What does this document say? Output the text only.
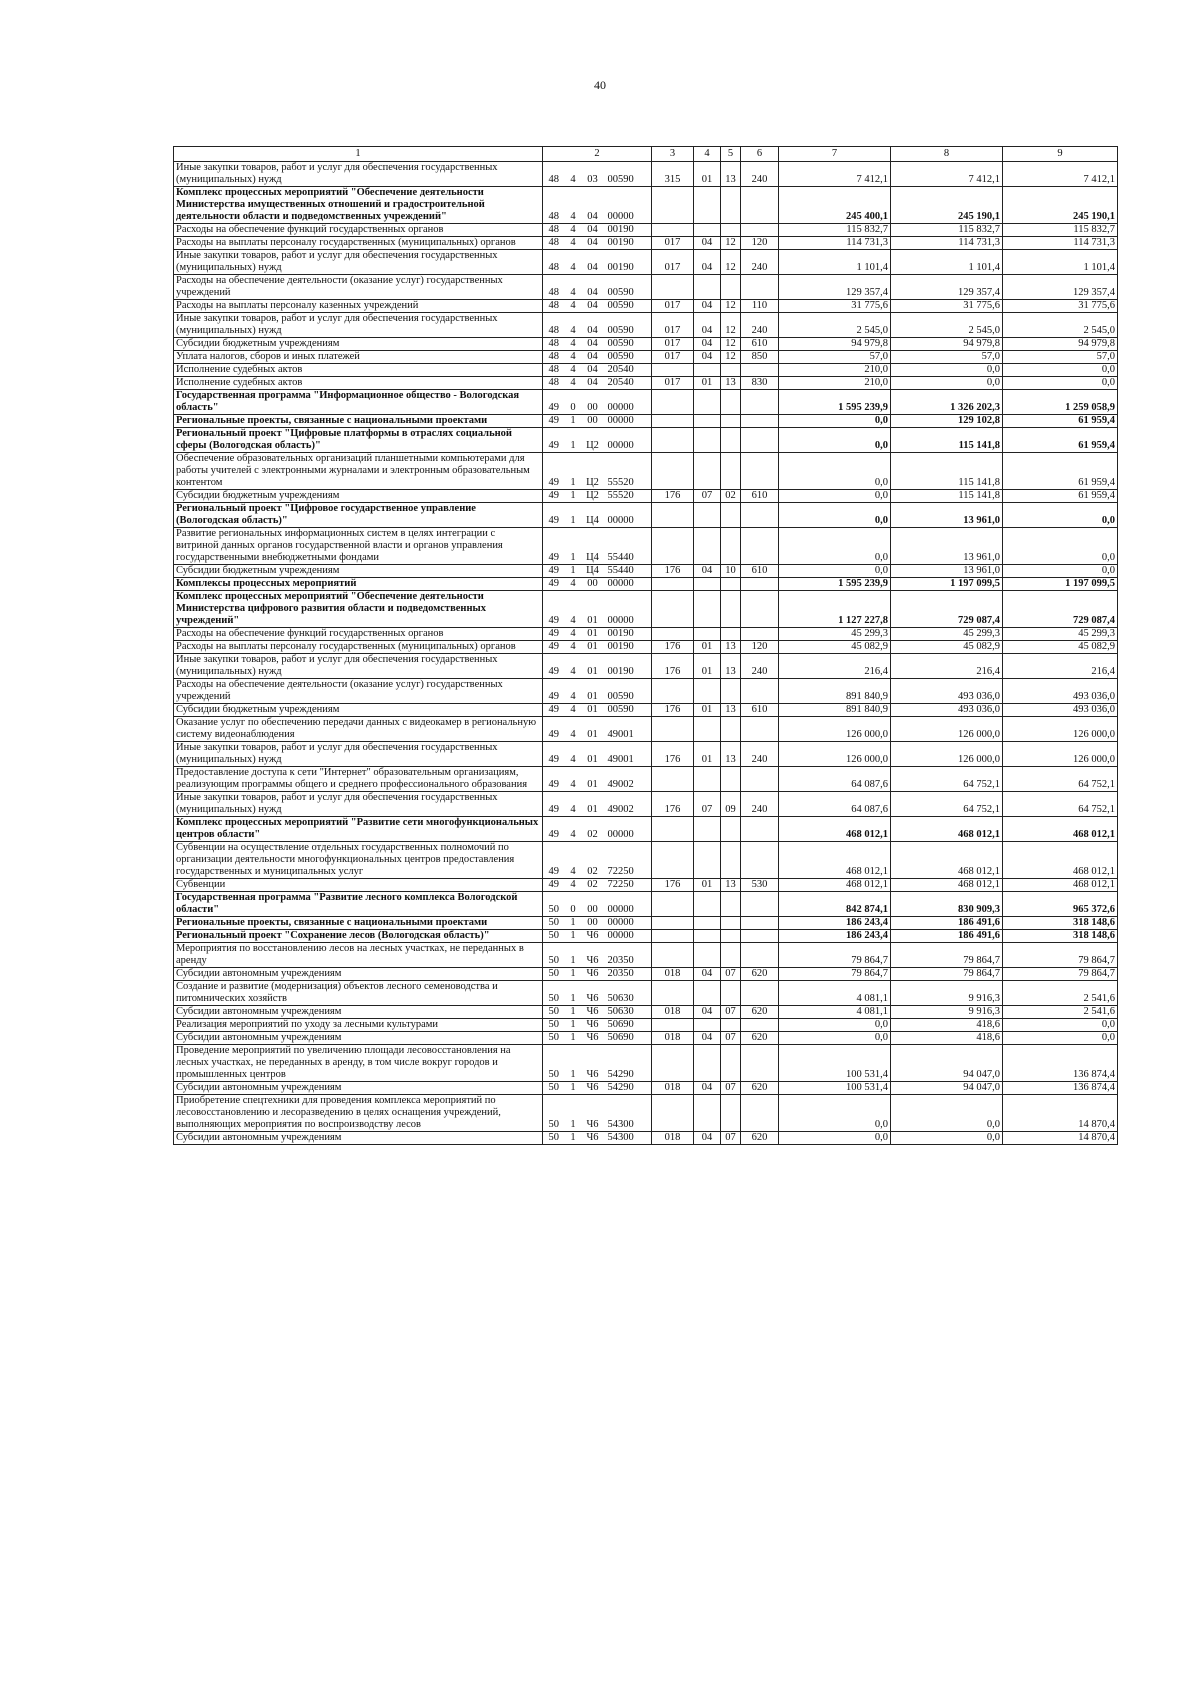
40
1	2				3	4	5	6	7	8	9
Иные закупки товаров, работ и услуг для обеспечения государственных (муниципальных) нужд	48	4	03	00590	315	01	13	240	7 412,1	7 412,1	7 412,1
Комплекс процессных мероприятий "Обеспечение деятельности Министерства имущественных отношений и градостроительной деятельности области и подведомственных учреждений"	48	4	04	00000					245 400,1	245 190,1	245 190,1
Расходы на обеспечение функций государственных органов	48	4	04	00190					115 832,7	115 832,7	115 832,7
Расходы на выплаты персоналу государственных (муниципальных) органов	48	4	04	00190	017	04	12	120	114 731,3	114 731,3	114 731,3
Иные закупки товаров, работ и услуг для обеспечения государственных (муниципальных) нужд	48	4	04	00190	017	04	12	240	1 101,4	1 101,4	1 101,4
Расходы на обеспечение деятельности (оказание услуг) государственных учреждений	48	4	04	00590					129 357,4	129 357,4	129 357,4
Расходы на выплаты персоналу казенных учреждений	48	4	04	00590	017	04	12	110	31 775,6	31 775,6	31 775,6
Иные закупки товаров, работ и услуг для обеспечения государственных (муниципальных) нужд	48	4	04	00590	017	04	12	240	2 545,0	2 545,0	2 545,0
Субсидии бюджетным учреждениям	48	4	04	00590	017	04	12	610	94 979,8	94 979,8	94 979,8
Уплата налогов, сборов и иных платежей	48	4	04	00590	017	04	12	850	57,0	57,0	57,0
Исполнение судебных актов	48	4	04	20540					210,0	0,0	0,0
Исполнение судебных актов	48	4	04	20540	017	01	13	830	210,0	0,0	0,0
Государственная программа "Информационное общество - Вологодская область"	49	0	00	00000					1 595 239,9	1 326 202,3	1 259 058,9
Региональные проекты, связанные с национальными проектами	49	1	00	00000					0,0	129 102,8	61 959,4
Региональный проект "Цифровые платформы в отраслях социальной сферы (Вологодская область)"	49	1	Ц2	00000					0,0	115 141,8	61 959,4
Обеспечение образовательных организаций планшетными компьютерами для работы учителей с электронными журналами и электронным образовательным контентом	49	1	Ц2	55520					0,0	115 141,8	61 959,4
Субсидии бюджетным учреждениям	49	1	Ц2	55520	176	07	02	610	0,0	115 141,8	61 959,4
Региональный проект "Цифровое государственное управление (Вологодская область)"	49	1	Ц4	00000					0,0	13 961,0	0,0
Развитие региональных информационных систем в целях интеграции с витриной данных органов государственной власти и органов управления государственными внебюджетными фондами	49	1	Ц4	55440					0,0	13 961,0	0,0
Субсидии бюджетным учреждениям	49	1	Ц4	55440	176	04	10	610	0,0	13 961,0	0,0
Комплексы процессных мероприятий	49	4	00	00000					1 595 239,9	1 197 099,5	1 197 099,5
Комплекс процессных мероприятий "Обеспечение деятельности Министерства цифрового развития области и подведомственных учреждений"	49	4	01	00000					1 127 227,8	729 087,4	729 087,4
Расходы на обеспечение функций государственных органов	49	4	01	00190					45 299,3	45 299,3	45 299,3
Расходы на выплаты персоналу государственных (муниципальных) органов	49	4	01	00190	176	01	13	120	45 082,9	45 082,9	45 082,9
Иные закупки товаров, работ и услуг для обеспечения государственных (муниципальных) нужд	49	4	01	00190	176	01	13	240	216,4	216,4	216,4
Расходы на обеспечение деятельности (оказание услуг) государственных учреждений	49	4	01	00590					891 840,9	493 036,0	493 036,0
Субсидии бюджетным учреждениям	49	4	01	00590	176	01	13	610	891 840,9	493 036,0	493 036,0
Оказание услуг по обеспечению передачи данных с видеокамер в региональную систему видеонаблюдения	49	4	01	49001					126 000,0	126 000,0	126 000,0
Иные закупки товаров, работ и услуг для обеспечения государственных (муниципальных) нужд	49	4	01	49001	176	01	13	240	126 000,0	126 000,0	126 000,0
Предоставление доступа к сети "Интернет" образовательным организациям, реализующим программы общего и среднего профессионального образования	49	4	01	49002					64 087,6	64 752,1	64 752,1
Иные закупки товаров, работ и услуг для обеспечения государственных (муниципальных) нужд	49	4	01	49002	176	07	09	240	64 087,6	64 752,1	64 752,1
Комплекс процессных мероприятий "Развитие сети многофункциональных центров области"	49	4	02	00000					468 012,1	468 012,1	468 012,1
Субвенции на осуществление отдельных государственных полномочий по организации деятельности многофункциональных центров предоставления государственных и муниципальных услуг	49	4	02	72250					468 012,1	468 012,1	468 012,1
Субвенции	49	4	02	72250	176	01	13	530	468 012,1	468 012,1	468 012,1
Государственная программа "Развитие лесного комплекса Вологодской области"	50	0	00	00000					842 874,1	830 909,3	965 372,6
Региональные проекты, связанные с национальными проектами	50	1	00	00000					186 243,4	186 491,6	318 148,6
Региональный проект "Сохранение лесов (Вологодская область)"	50	1	Ч6	00000					186 243,4	186 491,6	318 148,6
Мероприятия по восстановлению лесов на лесных участках, не переданных в аренду	50	1	Ч6	20350					79 864,7	79 864,7	79 864,7
Субсидии автономным учреждениям	50	1	Ч6	20350	018	04	07	620	79 864,7	79 864,7	79 864,7
Создание и развитие (модернизация) объектов лесного семеноводства и питомнических хозяйств	50	1	Ч6	50630					4 081,1	9 916,3	2 541,6
Субсидии автономным учреждениям	50	1	Ч6	50630	018	04	07	620	4 081,1	9 916,3	2 541,6
Реализация мероприятий по уходу за лесными культурами	50	1	Ч6	50690					0,0	418,6	0,0
Субсидии автономным учреждениям	50	1	Ч6	50690	018	04	07	620	0,0	418,6	0,0
Проведение мероприятий по увеличению площади лесовосстановления на лесных участках, не переданных в аренду, в том числе вокруг городов и промышленных центров	50	1	Ч6	54290					100 531,4	94 047,0	136 874,4
Субсидии автономным учреждениям	50	1	Ч6	54290	018	04	07	620	100 531,4	94 047,0	136 874,4
Приобретение спецтехники для проведения комплекса мероприятий по лесовосстановлению и лесоразведению в целях оснащения учреждений, выполняющих мероприятия по воспроизводству лесов	50	1	Ч6	54300					0,0	0,0	14 870,4
Субсидии автономным учреждениям	50	1	Ч6	54300	018	04	07	620	0,0	0,0	14 870,4
